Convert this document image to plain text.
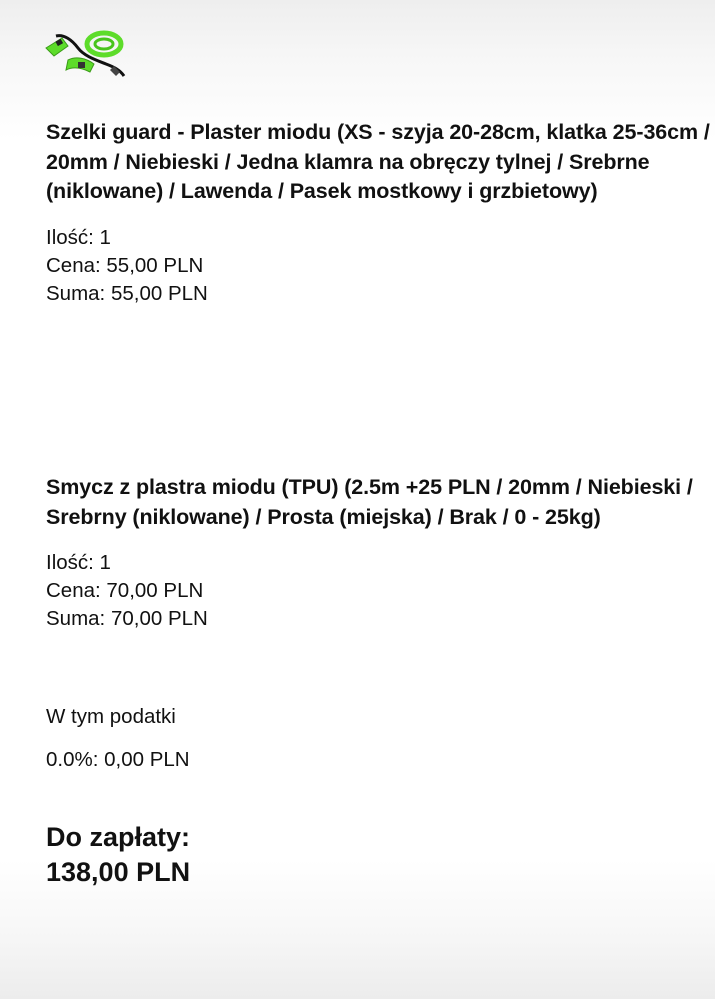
Szelki guard - Plaster miodu (XS - szyja 20-28cm, klatka 25-36cm / 20mm / Niebieski / Jedna klamra na obręczy tylnej / Srebrne (niklowane) / Lawenda / Pasek mostkowy i grzbietowy)

Ilość: 1
Cena: 55,00 PLN
Suma: 55,00 PLN

Smycz z plastra miodu (TPU) (2.5m +25 PLN / 20mm / Niebieski / Srebrny (niklowane) / Prosta (miejska) / Brak / 0 - 25kg)

Ilość: 1
Cena: 70,00 PLN
Suma: 70,00 PLN
W tym podatki
0.0%: 0,00 PLN
Do zapłaty:
138,00 PLN
